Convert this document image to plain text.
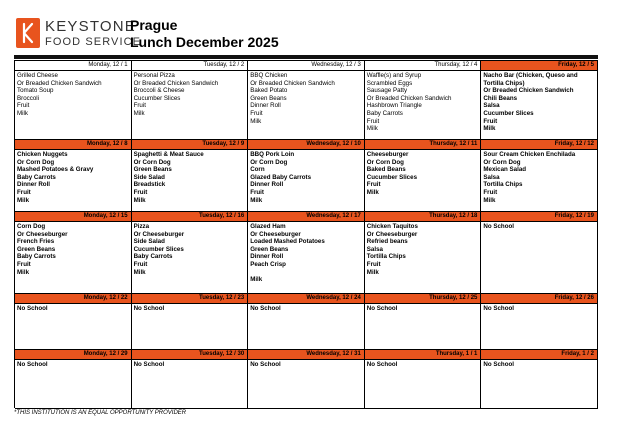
KEYSTONE
FOOD SERVICE
Prague
Lunch December 2025
Monday, 12 / 1
Grilled Cheese
Or Breaded Chicken Sandwich
Tomato Soup
Broccoli
Fruit
Milk
Tuesday, 12 / 2
Personal Pizza
Or Breaded Chicken Sandwich
Broccoli & Cheese
Cucumber Slices
Fruit
Milk
Wednesday, 12 / 3
BBQ Chicken
Or Breaded Chicken Sandwich
Baked Potato
Green Beans
Dinner Roll
Fruit
Milk
Thursday, 12 / 4
Waffle(s) and Syrup
Scrambled Eggs
Sausage Patty
Or Breaded Chicken Sandwich
Hashbrown Triangle
Baby Carrots
Fruit
Milk
Friday, 12 / 5
Nacho Bar (Chicken, Queso and
Tortilla Chips)
Or Breaded Chicken Sandwich
Chili Beans
Salsa
Cucumber Slices
Fruit
Milk
Monday, 12 / 8
Chicken Nuggets
Or Corn Dog
Mashed Potatoes & Gravy
Baby Carrots
Dinner Roll
Fruit
Milk
Tuesday, 12 / 9
Spaghetti & Meat Sauce
Or Corn Dog
Green Beans
Side Salad
Breadstick
Fruit
Milk
Wednesday, 12 / 10
BBQ Pork Loin
Or Corn Dog
Corn
Glazed Baby Carrots
Dinner Roll
Fruit
Milk
Thursday, 12 / 11
Cheeseburger
Or Corn Dog
Baked Beans
Cucumber Slices
Fruit
Milk
Friday, 12 / 12
Sour Cream Chicken Enchilada
Or Corn Dog
Mexican Salad
Salsa
Tortilla Chips
Fruit
Milk
Monday, 12 / 15
Corn Dog
Or Cheeseburger
French Fries
Green Beans
Baby Carrots
Fruit
Milk
Tuesday, 12 / 16
Pizza
Or Cheeseburger
Side Salad
Cucumber Slices
Baby Carrots
Fruit
Milk
Wednesday, 12 / 17
Glazed Ham
Or Cheeseburger
Loaded Mashed Potatoes
Green Beans
Dinner Roll
Peach Crisp

Milk
Thursday, 12 / 18
Chicken Taquitos
Or Cheeseburger
Refried beans
Salsa
Tortilla Chips
Fruit
Milk
Friday, 12 / 19
No School
Monday, 12 / 22
No School
Tuesday, 12 / 23
No School
Wednesday, 12 / 24
No School
Thursday, 12 / 25
No School
Friday, 12 / 26
No School
Monday, 12 / 29
No School
Tuesday, 12 / 30
No School
Wednesday, 12 / 31
No School
Thursday, 1 / 1
No School
Friday, 1 / 2
No School
*THIS INSTITUTION IS AN EQUAL OPPORTUNITY PROVIDER
